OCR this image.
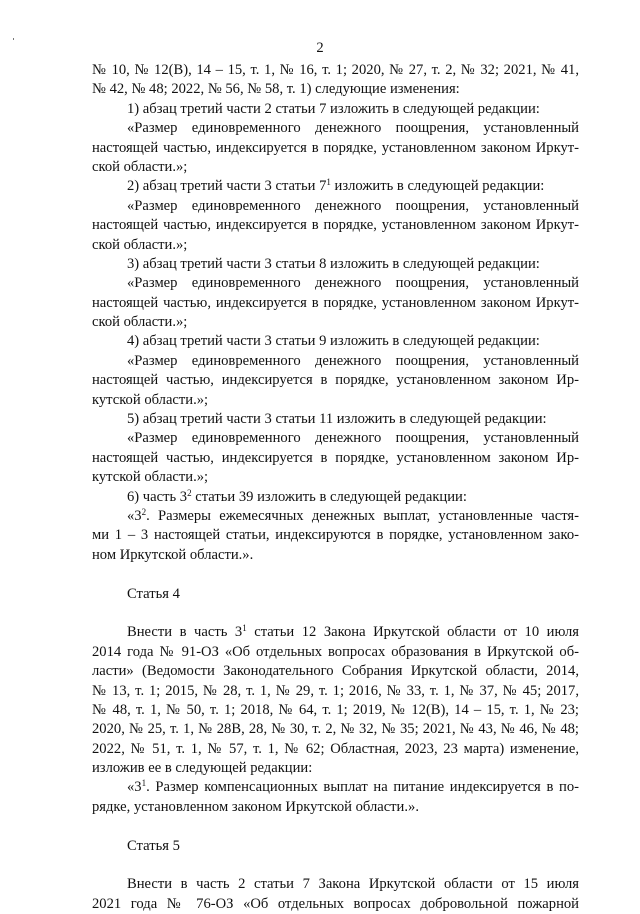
2
№ 10, № 12(В), 14 – 15, т. 1, № 16, т. 1; 2020, № 27, т. 2, № 32; 2021, № 41,
№ 42, № 48; 2022, № 56, № 58, т. 1) следующие изменения:
1) абзац третий части 2 статьи 7 изложить в следующей редакции:
«Размер единовременного денежного поощрения, установленный
настоящей частью, индексируется в порядке, установленном законом Иркут-
ской области.»;
2) абзац третий части 3 статьи $7^1$ изложить в следующей редакции:
«Размер единовременного денежного поощрения, установленный
настоящей частью, индексируется в порядке, установленном законом Иркут-
ской области.»;
3) абзац третий части 3 статьи 8 изложить в следующей редакции:
«Размер единовременного денежного поощрения, установленный
настоящей частью, индексируется в порядке, установленном законом Иркут-
ской области.»;
4) абзац третий части 3 статьи 9 изложить в следующей редакции:
«Размер единовременного денежного поощрения, установленный
настоящей частью, индексируется в порядке, установленном законом Ир-
кутской области.»;
5) абзац третий части 3 статьи 11 изложить в следующей редакции:
«Размер единовременного денежного поощрения, установленный
настоящей частью, индексируется в порядке, установленном законом Ир-
кутской области.»;
6) часть $3^2$ статьи 39 изложить в следующей редакции:
«$3^2$. Размеры ежемесячных денежных выплат, установленные частя-
ми 1 – 3 настоящей статьи, индексируются в порядке, установленном зако-
ном Иркутской области.».
Статья 4
Внести в часть $3^1$ статьи 12 Закона Иркутской области от 10 июля
2014 года № 91-ОЗ «Об отдельных вопросах образования в Иркутской об-
ласти» (Ведомости Законодательного Собрания Иркутской области, 2014,
№ 13, т. 1; 2015, № 28, т. 1, № 29, т. 1; 2016, № 33, т. 1, № 37, № 45; 2017,
№ 48, т. 1, № 50, т. 1; 2018, № 64, т. 1; 2019, № 12(В), 14 – 15, т. 1, № 23;
2020, № 25, т. 1, № 28В, 28, № 30, т. 2, № 32, № 35; 2021, № 43, № 46, № 48;
2022, № 51, т. 1, № 57, т. 1, № 62; Областная, 2023, 23 марта) изменение,
изложив ее в следующей редакции:
«$3^1$. Размер компенсационных выплат на питание индексируется в по-
рядке, установленном законом Иркутской области.».
Статья 5
Внести в часть 2 статьи 7 Закона Иркутской области от 15 июля
2021 года № 76-ОЗ «Об отдельных вопросах добровольной пожарной
